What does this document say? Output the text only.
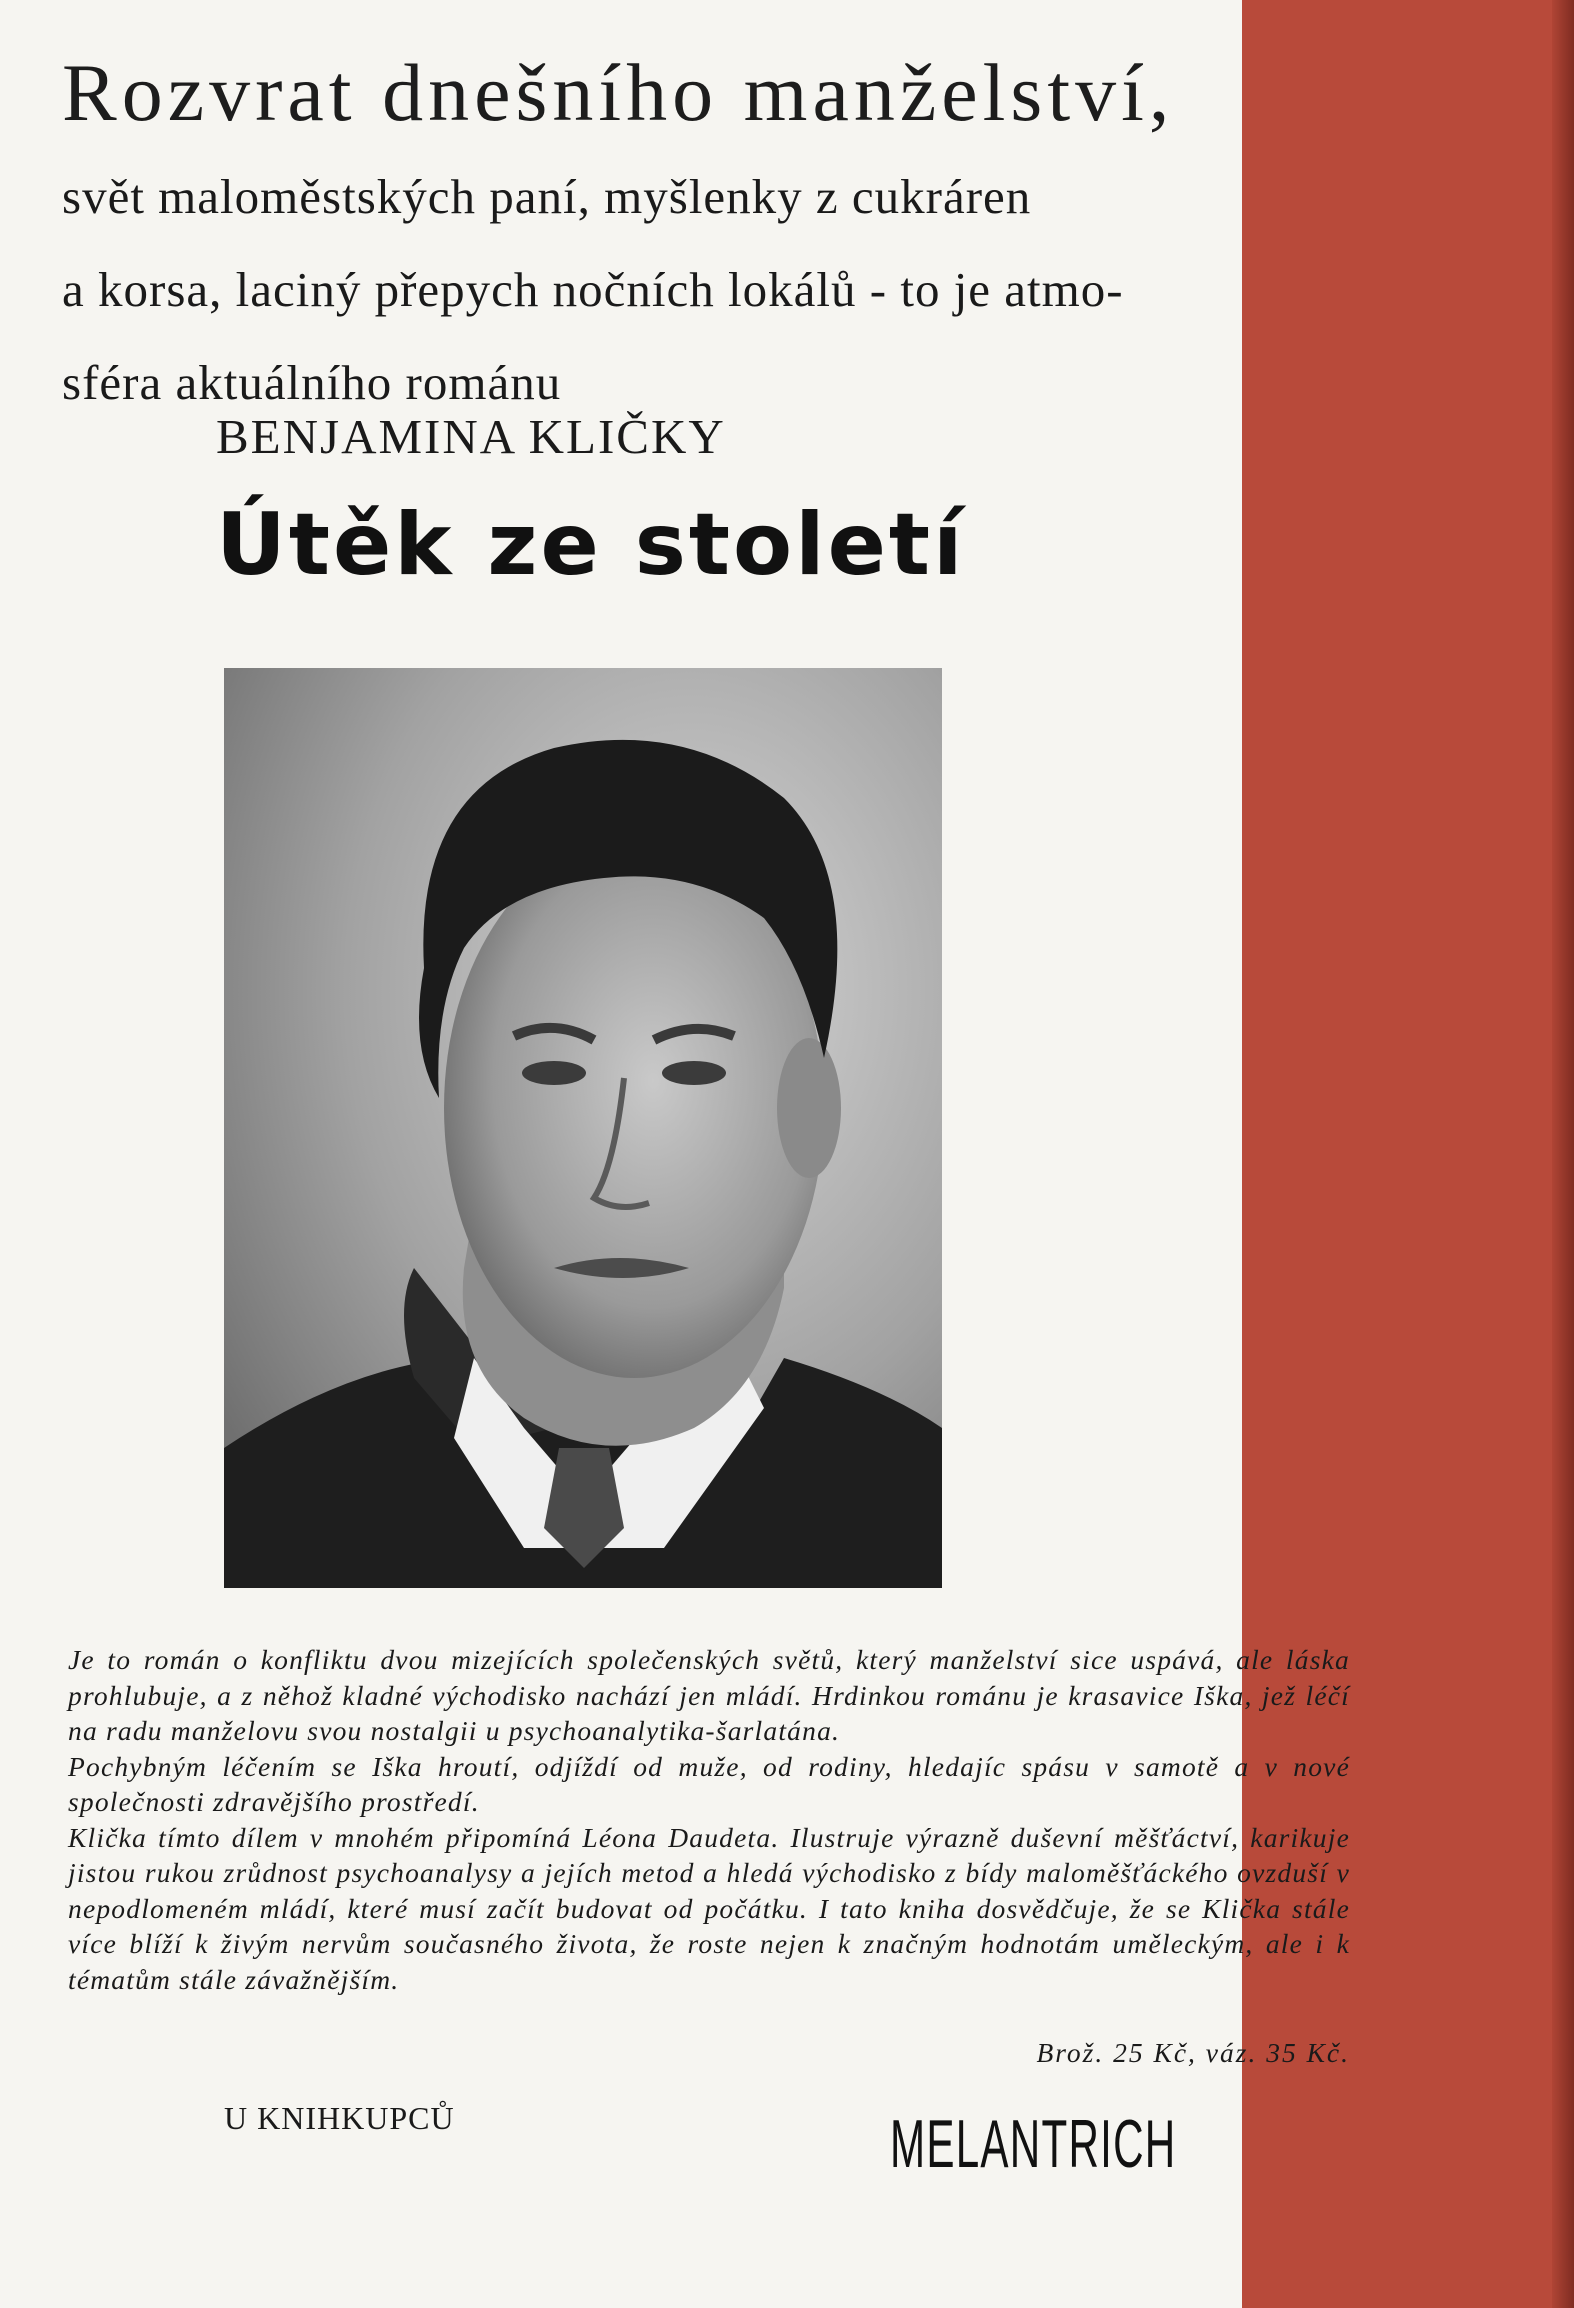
Rozvrat dnešního manželství,
svět maloměstských paní, myšlenky z cukráren
a korsa, laciný přepych nočních lokálů - to je atmo-
sféra aktuálního románu
BENJAMINA KLIČKY
Útěk ze století

Je to román o konfliktu dvou mizejících společenských světů, který manželství sice uspává, ale láska prohlubuje, a z něhož kladné východisko nachází jen mládí. Hrdinkou románu je krasavice Iška, jež léčí na radu manželovu svou nostalgii u psychoanalytika-šarlatána.

Pochybným léčením se Iška hroutí, odjíždí od muže, od rodiny, hledajíc spásu v samotě a v nové společnosti zdravějšího prostředí.

Klička tímto dílem v mnohém připomíná Léona Daudeta. Ilustruje výrazně duševní měšťáctví, karikuje jistou rukou zrůdnost psychoanalysy a jejích metod a hledá východisko z bídy maloměšťáckého ovzduší v nepodlomeném mládí, které musí začít budovat od počátku. I tato kniha dosvědčuje, že se Klička stále více blíží k živým nervům současného života, že roste nejen k značným hodnotám uměleckým, ale i k tématům stále závažnějším.

Brož. 25 Kč, váz. 35 Kč.
U KNIHKUPCŮ	MELANTRICH
